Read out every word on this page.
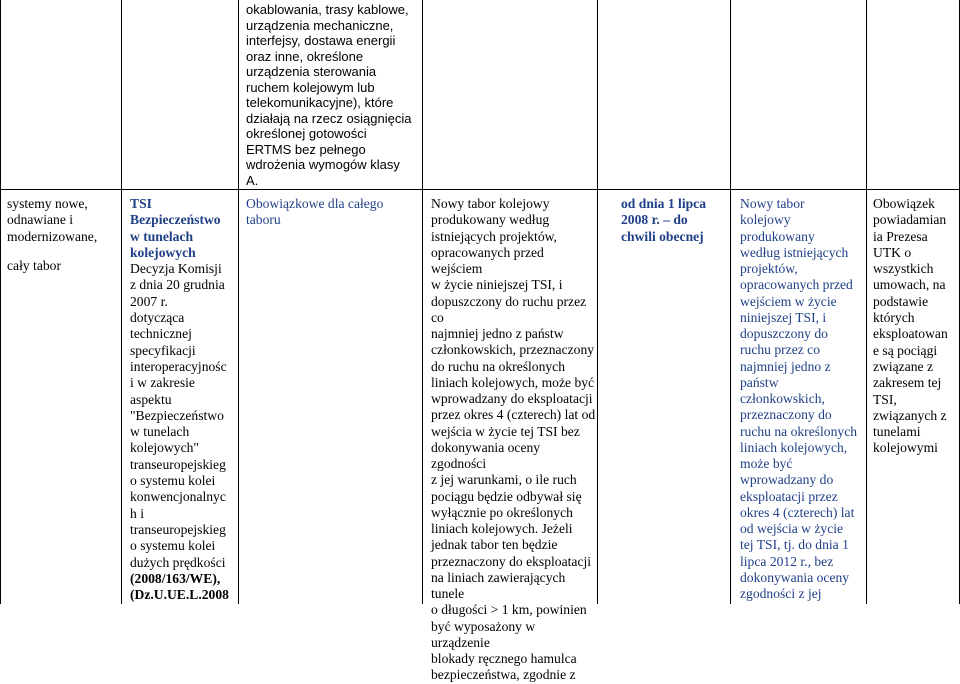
systemy nowe,

odnawiane i

modernizowane,

cały tabor

TSI
Bezpieczeństwo
w tunelach
kolejowych

Decyzja Komisji
z dnia 20 grudnia
2007 r.
dotycząca
technicznej
specyfikacji
interoperacyjnośc
i w zakresie
aspektu
"Bezpieczeństwo
w tunelach
kolejowych"
transeuropejskieg
o systemu kolei
konwencjonalnyc
h i
transeuropejskieg
o systemu kolei
dużych prędkości

(2008/163/WE),
(Dz.U.UE.L.2008

okablowania, trasy kablowe,
urządzenia mechaniczne,
interfejsy, dostawa energii
oraz inne, określone
urządzenia sterowania
ruchem kolejowym lub
telekomunikacyjne), które
działają na rzecz osiągnięcia
określonej gotowości
ERTMS bez pełnego
wdrożenia wymogów klasy
A.
Obowiązkowe dla całego
taboru
Nowy tabor kolejowy
produkowany według
istniejących projektów,
opracowanych przed wejściem
w życie niniejszej TSI, i
dopuszczony do ruchu przez co
najmniej jedno z państw
członkowskich, przeznaczony
do ruchu na określonych
liniach kolejowych, może być
wprowadzany do eksploatacji
przez okres 4 (czterech) lat od
wejścia w życie tej TSI bez
dokonywania oceny zgodności
z jej warunkami, o ile ruch
pociągu będzie odbywał się
wyłącznie po określonych
liniach kolejowych. Jeżeli
jednak tabor ten będzie
przeznaczony do eksploatacji
na liniach zawierających tunele
o długości > 1 km, powinien
być wyposażony w urządzenie
blokady ręcznego hamulca
bezpieczeństwa, zgodnie z
od dnia 1 lipca
2008 r. – do
chwili obecnej
Nowy tabor
kolejowy
produkowany
według istniejących
projektów,
opracowanych przed
wejściem w życie
niniejszej TSI, i
dopuszczony do
ruchu przez co
najmniej jedno z
państw
członkowskich,
przeznaczony do
ruchu na określonych
liniach kolejowych,
może być
wprowadzany do
eksploatacji przez
okres 4 (czterech) lat
od wejścia w życie
tej TSI, tj. do dnia 1
lipca 2012 r., bez
dokonywania oceny
zgodności z jej
Obowiązek
powiadamian
ia Prezesa
UTK o
wszystkich
umowach, na
podstawie
których
eksploatowan
e są pociągi
związane z
zakresem tej
TSI,
związanych z
tunelami
kolejowymi
